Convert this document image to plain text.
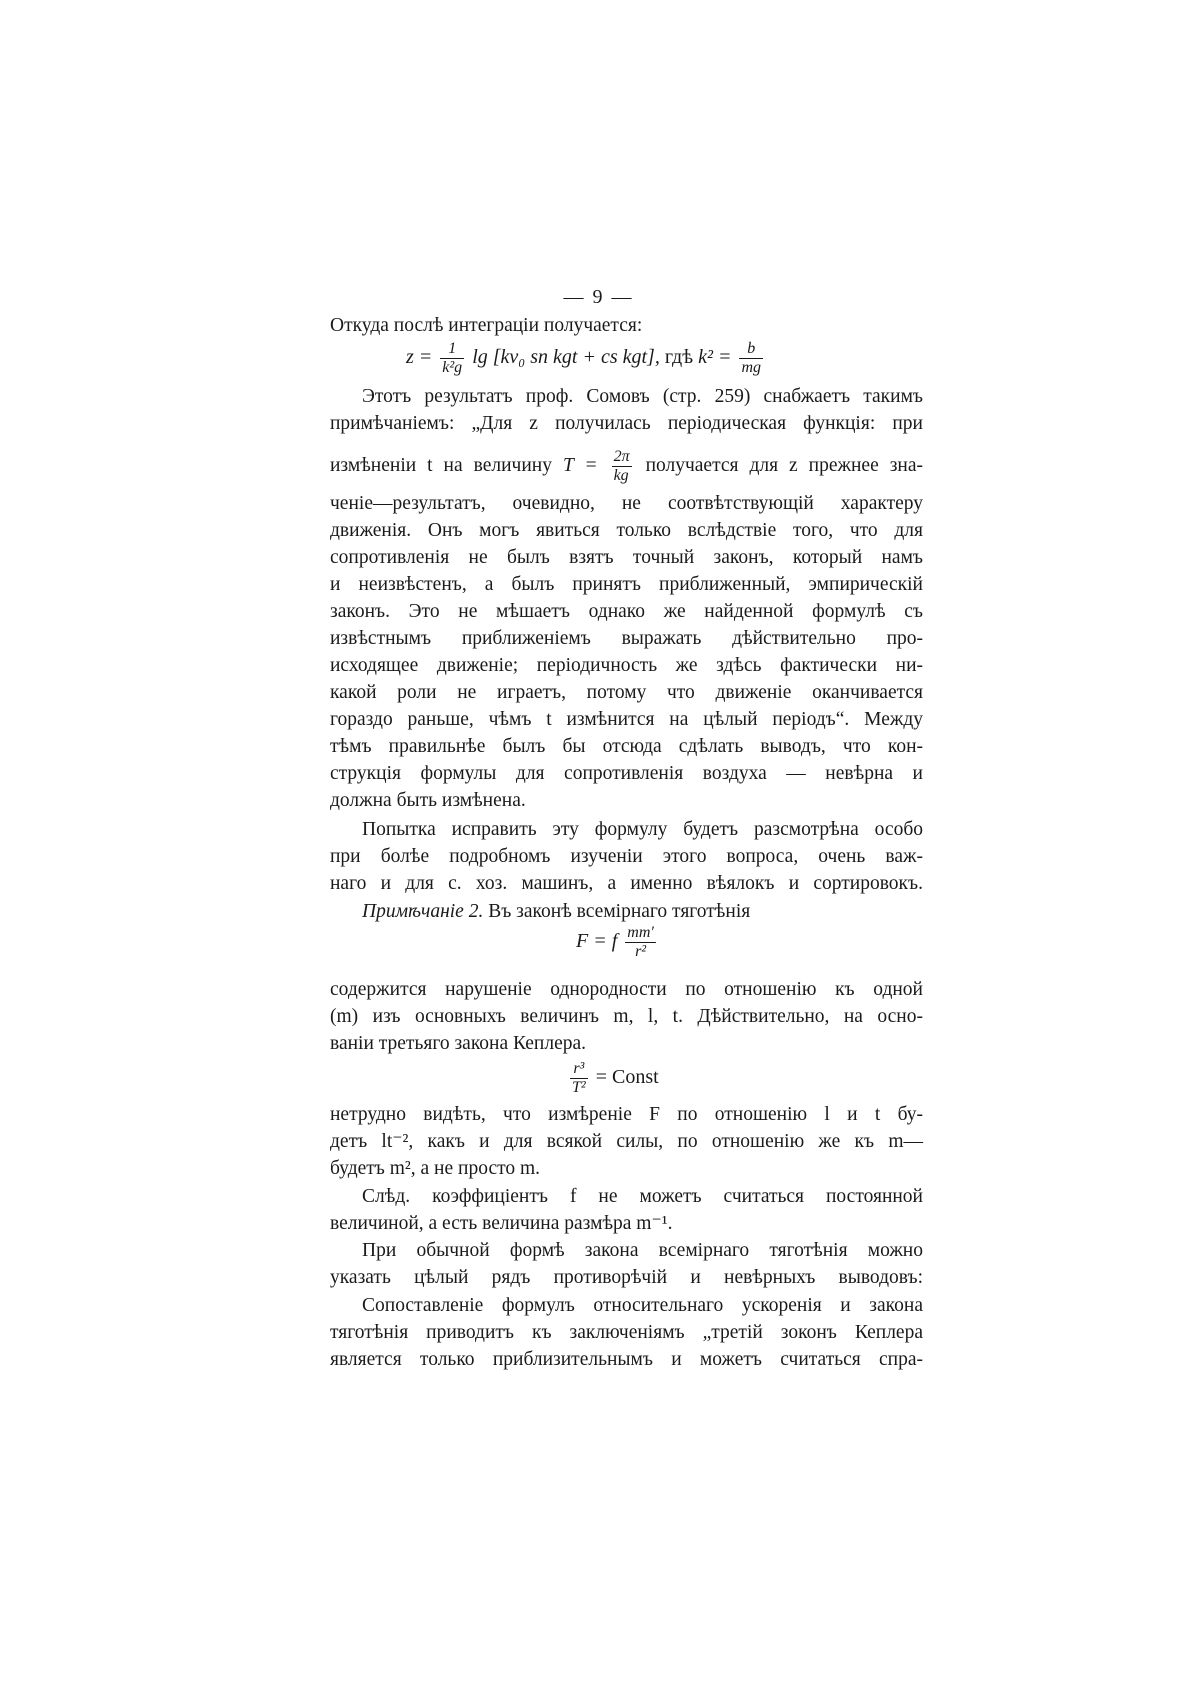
— 9 —
Откуда послѣ интеграціи получается:
$z = \frac{1}{\text{k²g}}$ lg [kv₀ sn kgt + cs kgt], гдѣ $k^2 = \frac{b}{mg}$
Этотъ результатъ проф. Сомовъ (стр. 259) снабжаетъ такимъ
примѣчаніемъ: „Для z получилась періодическая функція: при
измѣненіи t на величину $T = \frac{2\pi}{kg}$ получается для z прежнее зна-
ченіе—результатъ, очевидно, не соотвѣтствующій характеру
движенія. Онъ могъ явиться только вслѣдствіе того, что для
сопротивленія не былъ взятъ точный законъ, который намъ
и неизвѣстенъ, а былъ принятъ приближенный, эмпирическій
законъ. Это не мѣшаетъ однако же найденной формулѣ съ
извѣстнымъ приближеніемъ выражать дѣйствительно про-
исходящее движеніе; періодичность же здѣсь фактически ни-
какой роли не играетъ, потому что движеніе оканчивается
гораздо раньше, чѣмъ t измѣнится на цѣлый періодъ“. Между
тѣмъ правильнѣе былъ бы отсюда сдѣлать выводъ, что кон-
струкція формулы для сопротивленія воздуха — невѣрна и
должна быть измѣнена.
Попытка исправить эту формулу будетъ разсмотрѣна особо
при болѣе подробномъ изученіи этого вопроса, очень важ-
наго и для с. хоз. машинъ, а именно вѣялокъ и сортировокъ.
Примѣчаніе 2. Въ законѣ всемірнаго тяготѣнія
F = f $\frac{mm'}{\text{r²}}$
содержится нарушеніе однородности по отношенію къ одной
(m) изъ основныхъ величинъ m, l, t. Дѣйствительно, на осно-
ваніи третьяго закона Кеплера.
$\frac{\text{r³}}{\text{T²}}$ = Const
нетрудно видѣть, что измѣреніе F по отношенію l и t бу-
детъ lt⁻², какъ и для всякой силы, по отношенію же къ m—
будетъ m², а не просто m.
Слѣд. коэффиціентъ f не можетъ считаться постоянной
величиной, а есть величина размѣра m⁻¹.
При обычной формѣ закона всемірнаго тяготѣнія можно
указать цѣлый рядъ противорѣчій и невѣрныхъ выводовъ:
Сопоставленіе формулъ относительнаго ускоренія и закона
тяготѣнія приводитъ къ заключеніямъ „третій зоконъ Кеплера
является только приблизительнымъ и можетъ считаться спра-
